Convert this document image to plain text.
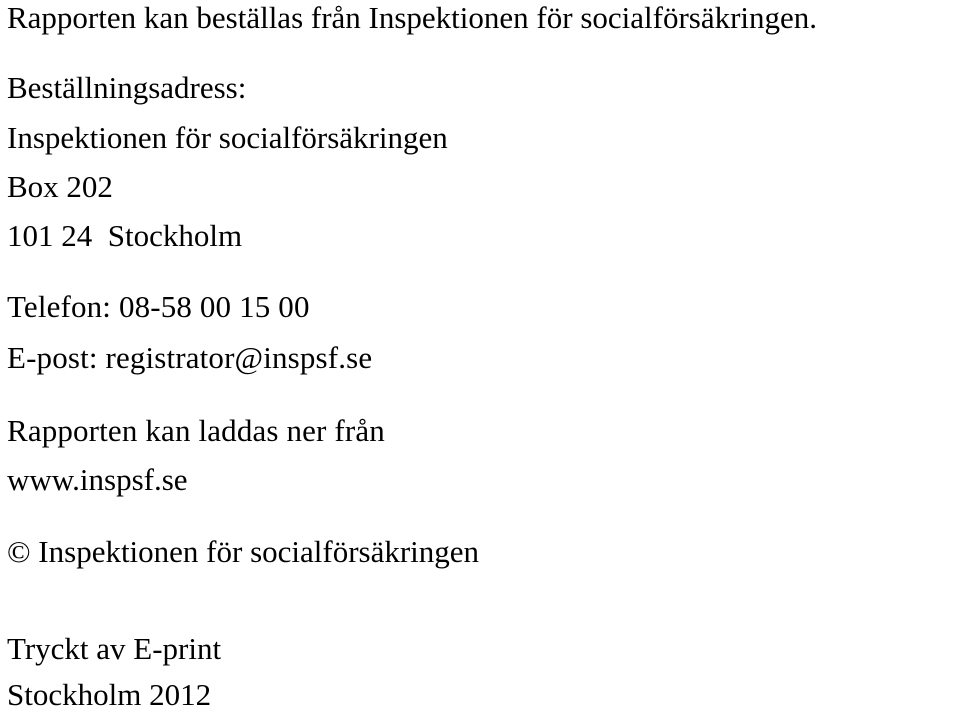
Rapporten kan beställas från Inspektionen för socialförsäkringen.
Beställningsadress:
Inspektionen för socialförsäkringen
Box 202
101 24  Stockholm
Telefon: 08-58 00 15 00
E-post: registrator@inspsf.se
Rapporten kan laddas ner från
www.inspsf.se
© Inspektionen för socialförsäkringen
Tryckt av E-print
Stockholm 2012
